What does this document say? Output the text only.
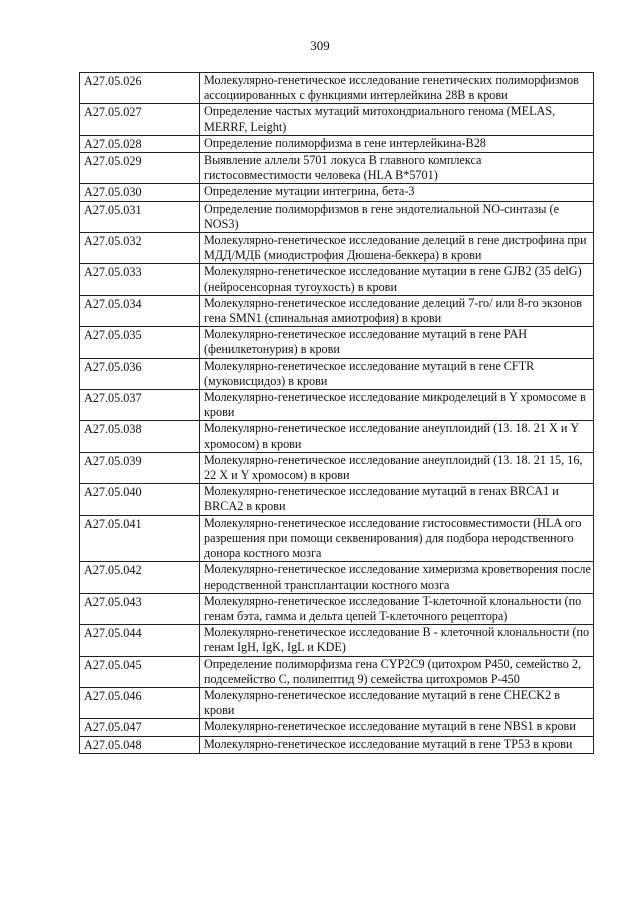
309
A27.05.026	Молекулярно-генетическое исследование генетических полиморфизмов ассоциированных с функциями интерлейкина 28B в крови
A27.05.027	Определение частых мутаций митохондриального генома (MELAS, MERRF, Leight)
A27.05.028	Определение полиморфизма в гене интерлейкина-B28
A27.05.029	Выявление аллели 5701 локуса B главного комплекса гистосовместимости человека (HLA B*5701)
A27.05.030	Определение мутации интегрина, бета-3
A27.05.031	Определение полиморфизмов в гене эндотелиальной NO-синтазы (e NOS3)
A27.05.032	Молекулярно-генетическое исследование делеций в гене дистрофина при МДД/МДБ (миодистрофия Дюшена-беккера) в крови
A27.05.033	Молекулярно-генетическое исследование мутации в гене GJB2 (35 delG) (нейросенсорная тугоухость) в крови
A27.05.034	Молекулярно-генетическое исследование делеций 7-го/ или 8-го экзонов гена SMN1 (спинальная амиотрофия) в крови
A27.05.035	Молекулярно-генетическое исследование мутаций в гене PAH (фенилкетонурия) в крови
A27.05.036	Молекулярно-генетическое исследование мутаций в гене CFTR (муковисцидоз) в крови
A27.05.037	Молекулярно-генетическое исследование микроделеций в Y хромосоме в крови
A27.05.038	Молекулярно-генетическое исследование анеуплоидий (13. 18. 21 X и Y хромосом) в крови
A27.05.039	Молекулярно-генетическое исследование анеуплоидий (13. 18. 21 15, 16, 22 X и Y хромосом) в крови
A27.05.040	Молекулярно-генетическое исследование мутаций в генах BRCA1 и BRCA2 в крови
A27.05.041	Молекулярно-генетическое исследование гистосовместимости (HLA ого разрешения при помощи секвенирования) для подбора неродственного донора костного мозга
A27.05.042	Молекулярно-генетическое исследование химеризма кроветворения после неродственной трансплантации костного мозга
A27.05.043	Молекулярно-генетическое исследование T-клеточной клональности (по генам бэта, гамма и дельта цепей T-клеточного рецептора)
A27.05.044	Молекулярно-генетическое исследование B - клеточной клональности (по генам IgH, IgK, IgL и KDE)
A27.05.045	Определение полиморфизма гена CYP2C9 (цитохром P450, семейство 2, подсемейство C, полипептид 9) семейства цитохромов P-450
A27.05.046	Молекулярно-генетическое исследование мутаций в гене CHECK2 в крови
A27.05.047	Молекулярно-генетическое исследование мутаций в гене NBS1 в крови
A27.05.048	Молекулярно-генетическое исследование мутаций в гене TP53 в крови
